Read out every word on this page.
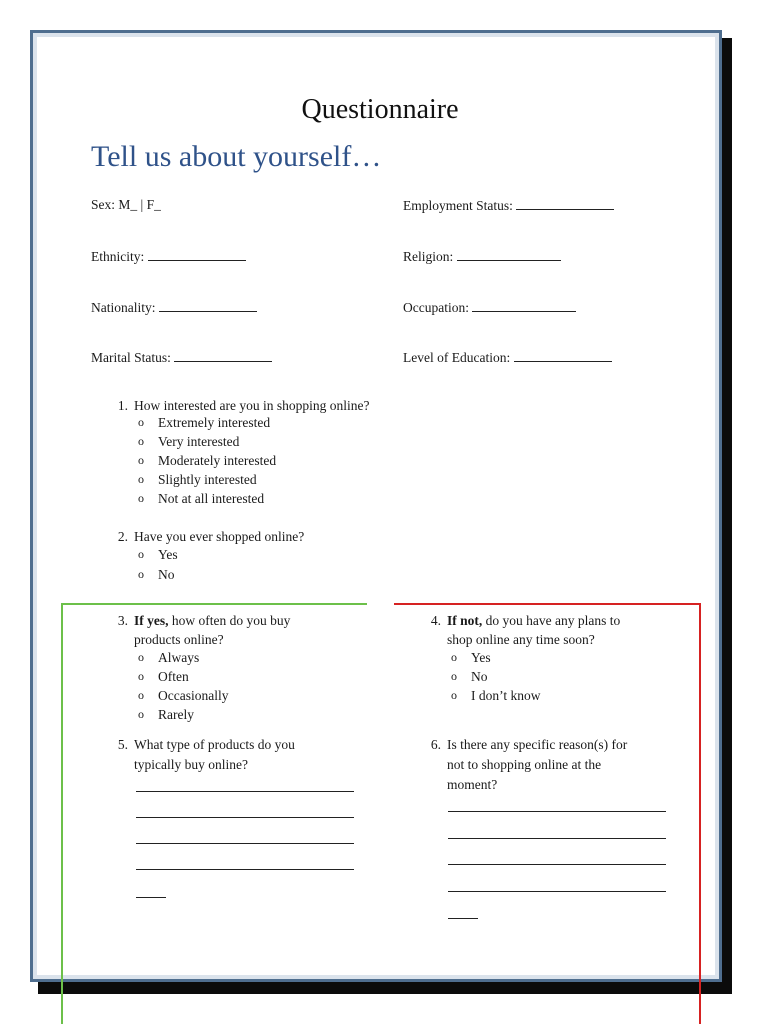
Questionnaire
Tell us about yourself…
Sex: M_ | F_	Employment Status:
Ethnicity:	Religion:
Nationality:	Occupation:
Marital Status:	Level of Education:
1. How interested are you in shopping online?
o Extremely interested
o Very interested
o Moderately interested
o Slightly interested
o Not at all interested
2. Have you ever shopped online?
o Yes
o No
3. If yes, how often do you buy
products online?
o Always
o Often
o Occasionally
o Rarely
4. If not, do you have any plans to
shop online any time soon?
o Yes
o No
o I don’t know
5. What type of products do you
typically buy online?
6. Is there any specific reason(s) for
not to shopping online at the
moment?
